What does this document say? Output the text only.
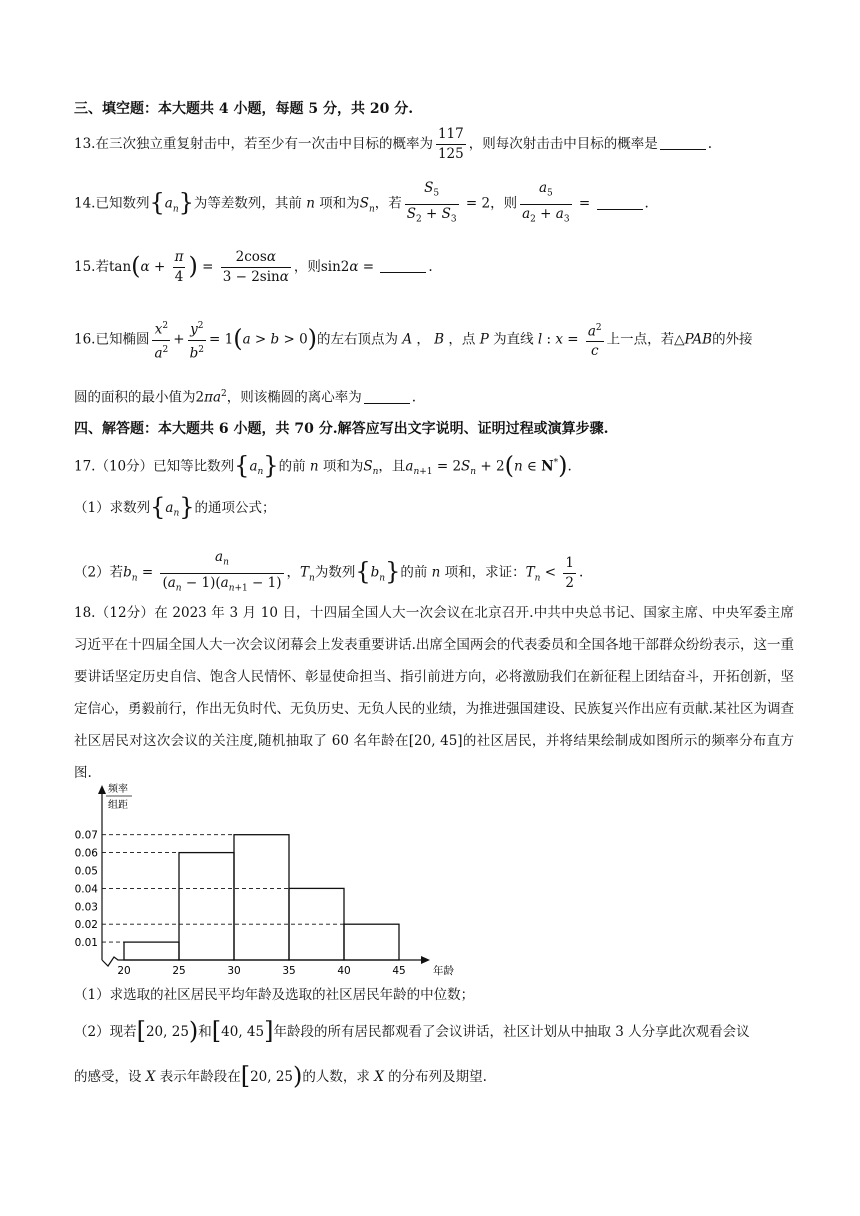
三、填空题：本大题共 4 小题，每题 5 分，共 20 分.
13.在三次独立重复射击中，若至少有一次击中目标的概率为 $\frac{117}{125}$ ，则每次射击击中目标的概率是	.
14.已知数列$\{a_n\}$为等差数列，其前 n 项和为$S_n$，若 $\frac{S_5}{S_2 + S_3} = 2$，则 $\frac{a_5}{a_2 + a_3}$ =	.
15.若$\tan(\alpha + \frac{\pi}{4}$ ) = $\frac{2\cos\alpha}{3 - 2\sin\alpha}$ ，则sin2α =	.
16.已知椭圆 $\frac{x^2}{a^2} + \frac{y^2}{b^2} = 1(a > b > 0)$的左右顶点为 A ， B ，点 P 为直线 l : $x = \frac{a^2}{c}$ 上一点，若△PAB的外接
圆的面积的最小值为$2\pi a^2$，则该椭圆的离心率为	.
四、解答题：本大题共 6 小题，共 70 分.解答应写出文字说明、证明过程或演算步骤.
17.（10分）已知等比数列$\{a_n\}$的前 n 项和为$S_n$，且$a_{n+1} = 2S_n + 2(n$ ∈ N*).
（1）求数列$\{a_n\}$的通项公式；
（2）若$b_n = \frac{a_n}{(a_n - 1)(a_{n+1} - 1)}$ ，$T_n$为数列$\{b_n\}$的前 n 项和，求证：$T_n < \frac{1}{2}$ .
18.（12分）在 2023 年 3 月 10 日，十四届全国人大一次会议在北京召开.中共中央总书记、国家主席、中央军委主席习近平在十四届全国人大一次会议闭幕会上发表重要讲话.出席全国两会的代表委员和全国各地干部群众纷纷表示，这一重要讲话坚定历史自信、饱含人民情怀、彰显使命担当、指引前进方向，必将激励我们在新征程上团结奋斗，开拓创新，坚定信心，勇毅前行，作出无负时代、无负历史、无负人民的业绩，为推进强国建设、民族复兴作出应有贡献.某社区为调查社区居民对这次会议的关注度,随机抽取了 60 名年龄在[20, 45]的社区居民，并将结果绘制成如图所示的频率分布直方图.
频率
组距
0.01
0.02
0.03
0.04
0.05
0.06
0.07
20	25	30	35	40	45	年龄
（1）求选取的社区居民平均年龄及选取的社区居民年龄的中位数；
（2）现若[20, 25)和[40, 45]年龄段的所有居民都观看了会议讲话，社区计划从中抽取 3 人分享此次观看会议
的感受，设 X 表示年龄段在[20, 25)的人数，求 X 的分布列及期望.
